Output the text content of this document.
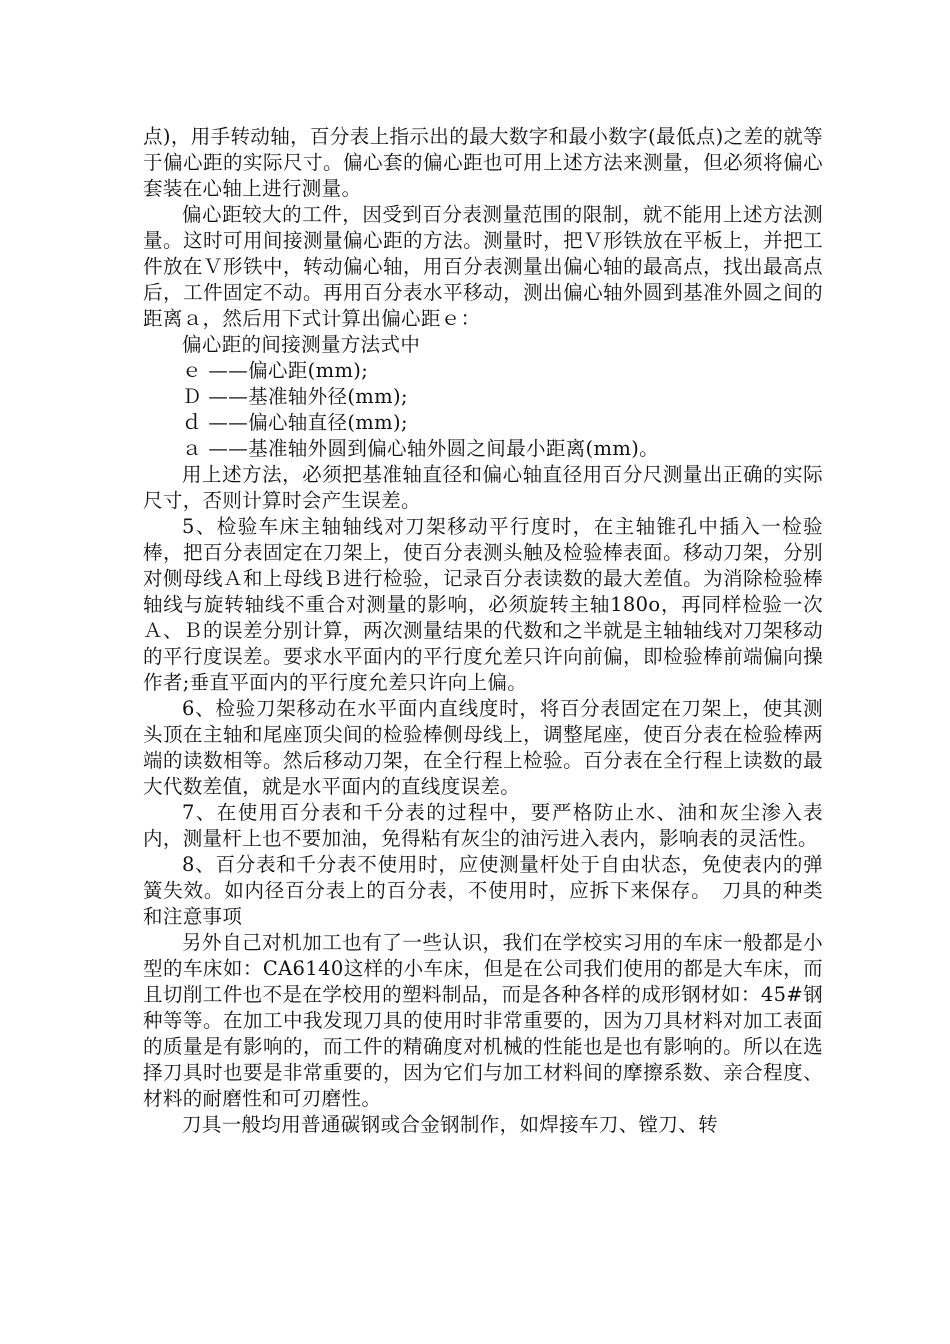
点)，用手转动轴，百分表上指示出的最大数字和最小数字(最低点)之差的就等于偏心距的实际尺寸。偏心套的偏心距也可用上述方法来测量，但必须将偏心套装在心轴上进行测量。

偏心距较大的工件，因受到百分表测量范围的限制，就不能用上述方法测量。这时可用间接测量偏心距的方法。测量时，把Ｖ形铁放在平板上，并把工件放在Ｖ形铁中，转动偏心轴，用百分表测量出偏心轴的最高点，找出最高点后，工件固定不动。再用百分表水平移动，测出偏心轴外圆到基准外圆之间的距离ａ，然后用下式计算出偏心距ｅ：

偏心距的间接测量方法式中

ｅ ——偏心距(mm);

Ｄ ——基准轴外径(mm);

ｄ ——偏心轴直径(mm);

ａ ——基准轴外圆到偏心轴外圆之间最小距离(mm)。

用上述方法，必须把基准轴直径和偏心轴直径用百分尺测量出正确的实际尺寸，否则计算时会产生误差。

5、检验车床主轴轴线对刀架移动平行度时，在主轴锥孔中插入一检验棒，把百分表固定在刀架上，使百分表测头触及检验棒表面。移动刀架，分别对侧母线Ａ和上母线Ｂ进行检验，记录百分表读数的最大差值。为消除检验棒轴线与旋转轴线不重合对测量的影响，必须旋转主轴180o，再同样检验一次Ａ、Ｂ的误差分别计算，两次测量结果的代数和之半就是主轴轴线对刀架移动的平行度误差。要求水平面内的平行度允差只许向前偏，即检验棒前端偏向操作者;垂直平面内的平行度允差只许向上偏。

6、检验刀架移动在水平面内直线度时，将百分表固定在刀架上，使其测头顶在主轴和尾座顶尖间的检验棒侧母线上，调整尾座，使百分表在检验棒两端的读数相等。然后移动刀架，在全行程上检验。百分表在全行程上读数的最大代数差值，就是水平面内的直线度误差。

7、在使用百分表和千分表的过程中，要严格防止水、油和灰尘渗入表内，测量杆上也不要加油，免得粘有灰尘的油污进入表内，影响表的灵活性。

8、百分表和千分表不使用时，应使测量杆处于自由状态，免使表内的弹簧失效。如内径百分表上的百分表，不使用时，应拆下来保存。　刀具的种类和注意事项

另外自己对机加工也有了一些认识，我们在学校实习用的车床一般都是小型的车床如：CA6140这样的小车床，但是在公司我们使用的都是大车床，而且切削工件也不是在学校用的塑料制品，而是各种各样的成形钢材如：45#钢种等等。在加工中我发现刀具的使用时非常重要的，因为刀具材料对加工表面的质量是有影响的，而工件的精确度对机械的性能也是也有影响的。所以在选择刀具时也要是非常重要的，因为它们与加工材料间的摩擦系数、亲合程度、材料的耐磨性和可刃磨性。

刀具一般均用普通碳钢或合金钢制作，如焊接车刀、镗刀、转
